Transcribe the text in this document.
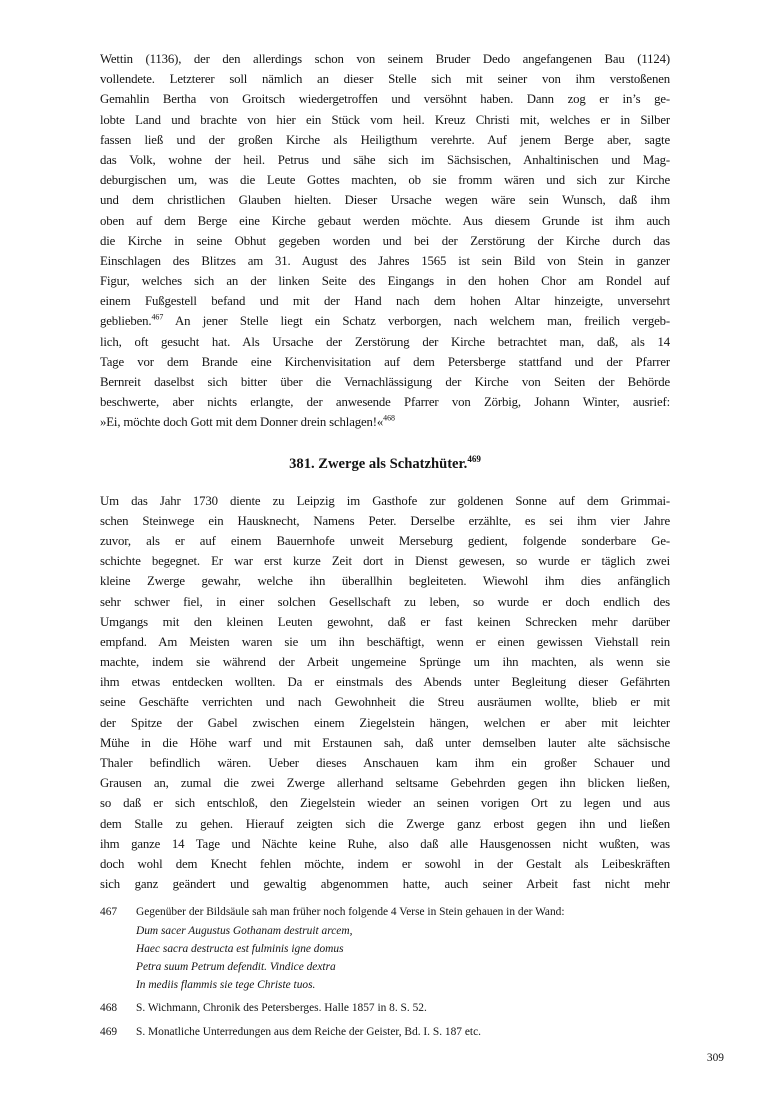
Wettin (1136), der den allerdings schon von seinem Bruder Dedo angefangenen Bau (1124)
vollendete. Letzterer soll nämlich an dieser Stelle sich mit seiner von ihm verstoßenen
Gemahlin Bertha von Groitsch wiedergetroffen und versöhnt haben. Dann zog er in’s ge-
lobte Land und brachte von hier ein Stück vom heil. Kreuz Christi mit, welches er in Silber
fassen ließ und der großen Kirche als Heiligthum verehrte. Auf jenem Berge aber, sagte
das Volk, wohne der heil. Petrus und sähe sich im Sächsischen, Anhaltinischen und Mag-
deburgischen um, was die Leute Gottes machten, ob sie fromm wären und sich zur Kirche
und dem christlichen Glauben hielten. Dieser Ursache wegen wäre sein Wunsch, daß ihm
oben auf dem Berge eine Kirche gebaut werden möchte. Aus diesem Grunde ist ihm auch
die Kirche in seine Obhut gegeben worden und bei der Zerstörung der Kirche durch das
Einschlagen des Blitzes am 31. August des Jahres 1565 ist sein Bild von Stein in ganzer
Figur, welches sich an der linken Seite des Eingangs in den hohen Chor am Rondel auf
einem Fußgestell befand und mit der Hand nach dem hohen Altar hinzeigte, unversehrt
geblieben.$^{467}$ An jener Stelle liegt ein Schatz verborgen, nach welchem man, freilich vergeb-
lich, oft gesucht hat. Als Ursache der Zerstörung der Kirche betrachtet man, daß, als 14
Tage vor dem Brande eine Kirchenvisitation auf dem Petersberge stattfand und der Pfarrer
Bernreit daselbst sich bitter über die Vernachlässigung der Kirche von Seiten der Behörde
beschwerte, aber nichts erlangte, der anwesende Pfarrer von Zörbig, Johann Winter, ausrief:
»Ei, möchte doch Gott mit dem Donner drein schlagen!«$^{468}$
381. Zwerge als Schatzhüter.$^{469}$
Um das Jahr 1730 diente zu Leipzig im Gasthofe zur goldenen Sonne auf dem Grimmai-
schen Steinwege ein Hausknecht, Namens Peter. Derselbe erzählte, es sei ihm vier Jahre
zuvor, als er auf einem Bauernhofe unweit Merseburg gedient, folgende sonderbare Ge-
schichte begegnet. Er war erst kurze Zeit dort in Dienst gewesen, so wurde er täglich zwei
kleine Zwerge gewahr, welche ihn überallhin begleiteten. Wiewohl ihm dies anfänglich
sehr schwer fiel, in einer solchen Gesellschaft zu leben, so wurde er doch endlich des
Umgangs mit den kleinen Leuten gewohnt, daß er fast keinen Schrecken mehr darüber
empfand. Am Meisten waren sie um ihn beschäftigt, wenn er einen gewissen Viehstall rein
machte, indem sie während der Arbeit ungemeine Sprünge um ihn machten, als wenn sie
ihm etwas entdecken wollten. Da er einstmals des Abends unter Begleitung dieser Gefährten
seine Geschäfte verrichten und nach Gewohnheit die Streu ausräumen wollte, blieb er mit
der Spitze der Gabel zwischen einem Ziegelstein hängen, welchen er aber mit leichter
Mühe in die Höhe warf und mit Erstaunen sah, daß unter demselben lauter alte sächsische
Thaler befindlich wären. Ueber dieses Anschauen kam ihm ein großer Schauer und
Grausen an, zumal die zwei Zwerge allerhand seltsame Gebehrden gegen ihn blicken ließen,
so daß er sich entschloß, den Ziegelstein wieder an seinen vorigen Ort zu legen und aus
dem Stalle zu gehen. Hierauf zeigten sich die Zwerge ganz erbost gegen ihn und ließen
ihm ganze 14 Tage und Nächte keine Ruhe, also daß alle Hausgenossen nicht wußten, was
doch wohl dem Knecht fehlen möchte, indem er sowohl in der Gestalt als Leibeskräften
sich ganz geändert und gewaltig abgenommen hatte, auch seiner Arbeit fast nicht mehr
467	Gegenüber der Bildsäule sah man früher noch folgende 4 Verse in Stein gehauen in der Wand:
Dum sacer Augustus Gothanam destruit arcem,
Haec sacra destructa est fulminis igne domus
Petra suum Petrum defendit. Vindice dextra
In mediis flammis sie tege Christe tuos.
468	S. Wichmann, Chronik des Petersberges. Halle 1857 in 8. S. 52.
469	S. Monatliche Unterredungen aus dem Reiche der Geister, Bd. I. S. 187 etc.
309
